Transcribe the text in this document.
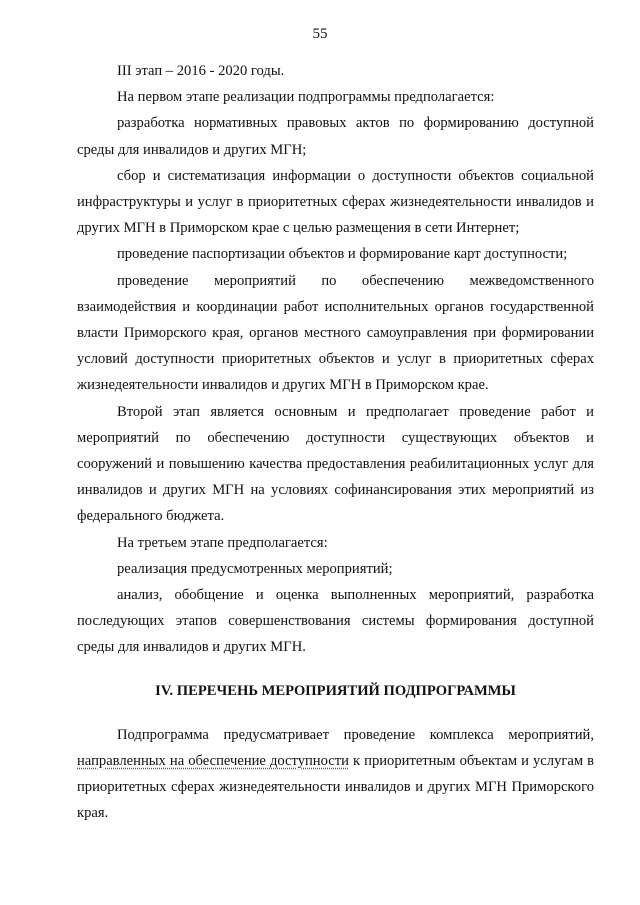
55

III этап – 2016 - 2020 годы.

На первом этапе реализации подпрограммы предполагается:

разработка нормативных правовых актов по формированию доступной среды для инвалидов и других МГН;

сбор и систематизация информации о доступности объектов социальной инфраструктуры и услуг в приоритетных сферах жизнедеятельности инвалидов и других МГН в Приморском крае с целью размещения в сети Интернет;

проведение паспортизации объектов и формирование карт доступности;

проведение мероприятий по обеспечению межведомственного взаимодействия и координации работ исполнительных органов государственной власти Приморского края, органов местного самоуправления при формировании условий доступности приоритетных объектов и услуг в приоритетных сферах жизнедеятельности инвалидов и других МГН в Приморском крае.

Второй этап является основным и предполагает проведение работ и мероприятий по обеспечению доступности существующих объектов и сооружений и повышению качества предоставления реабилитационных услуг для инвалидов и других МГН на условиях софинансирования этих мероприятий из федерального бюджета.

На третьем этапе предполагается:

реализация предусмотренных мероприятий;

анализ, обобщение и оценка выполненных мероприятий, разработка последующих этапов совершенствования системы формирования доступной среды для инвалидов и других МГН.

IV. ПЕРЕЧЕНЬ МЕРОПРИЯТИЙ ПОДПРОГРАММЫ

Подпрограмма предусматривает проведение комплекса мероприятий, направленных на обеспечение доступности к приоритетным объектам и услугам в приоритетных сферах жизнедеятельности инвалидов и других МГН Приморского края.
